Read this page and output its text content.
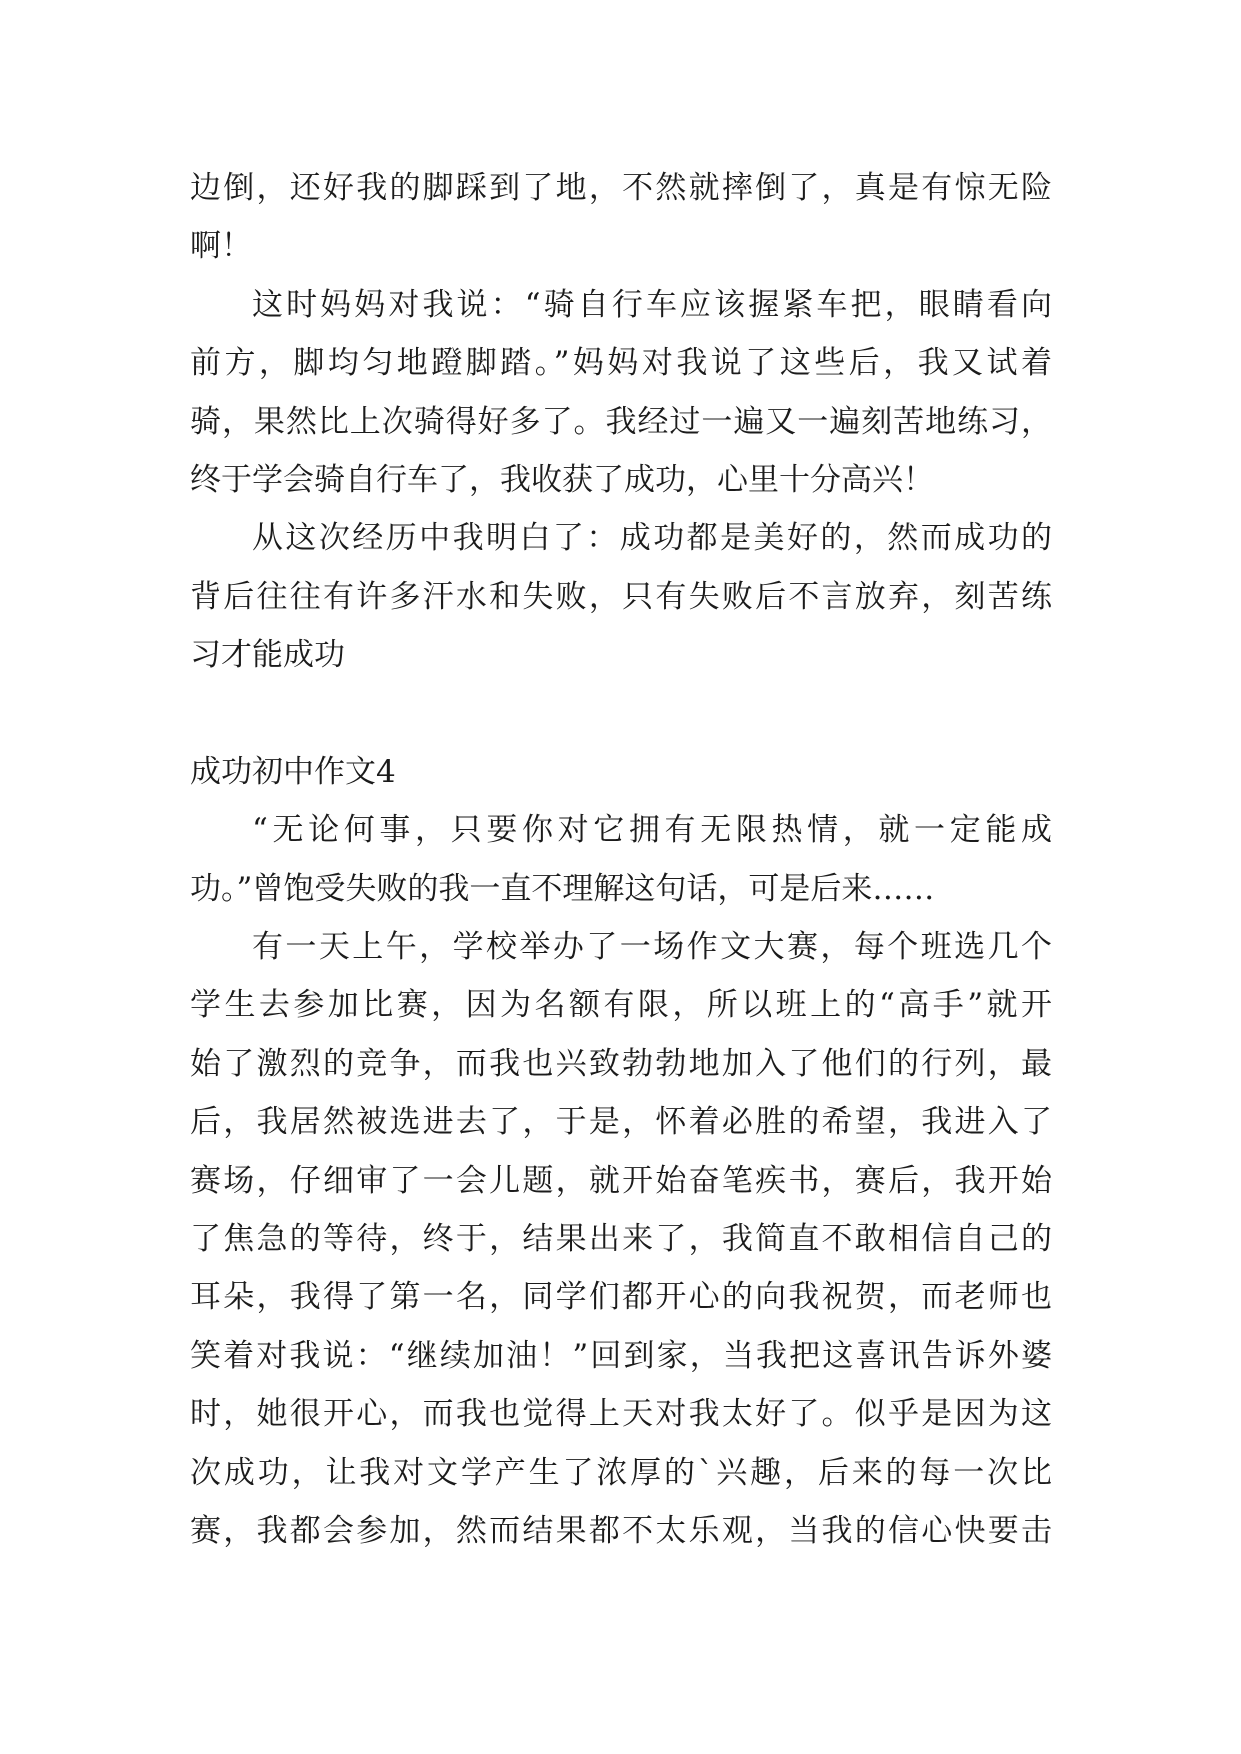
边倒，还好我的脚踩到了地，不然就摔倒了，真是有惊无险
啊！
这时妈妈对我说：“骑自行车应该握紧车把，眼睛看向
前方，脚均匀地蹬脚踏。”妈妈对我说了这些后，我又试着
骑，果然比上次骑得好多了。我经过一遍又一遍刻苦地练习，
终于学会骑自行车了，我收获了成功，心里十分高兴！
从这次经历中我明白了：成功都是美好的，然而成功的
背后往往有许多汗水和失败，只有失败后不言放弃，刻苦练
习才能成功
成功初中作文4
“无论何事，只要你对它拥有无限热情，就一定能成
功。”曾饱受失败的我一直不理解这句话，可是后来……
有一天上午，学校举办了一场作文大赛，每个班选几个
学生去参加比赛，因为名额有限，所以班上的“高手”就开
始了激烈的竞争，而我也兴致勃勃地加入了他们的行列，最
后，我居然被选进去了，于是，怀着必胜的希望，我进入了
赛场，仔细审了一会儿题，就开始奋笔疾书，赛后，我开始
了焦急的等待，终于，结果出来了，我简直不敢相信自己的
耳朵，我得了第一名，同学们都开心的向我祝贺，而老师也
笑着对我说：“继续加油！”回到家，当我把这喜讯告诉外婆
时，她很开心，而我也觉得上天对我太好了。似乎是因为这
次成功，让我对文学产生了浓厚的`兴趣，后来的每一次比
赛，我都会参加，然而结果都不太乐观，当我的信心快要击
